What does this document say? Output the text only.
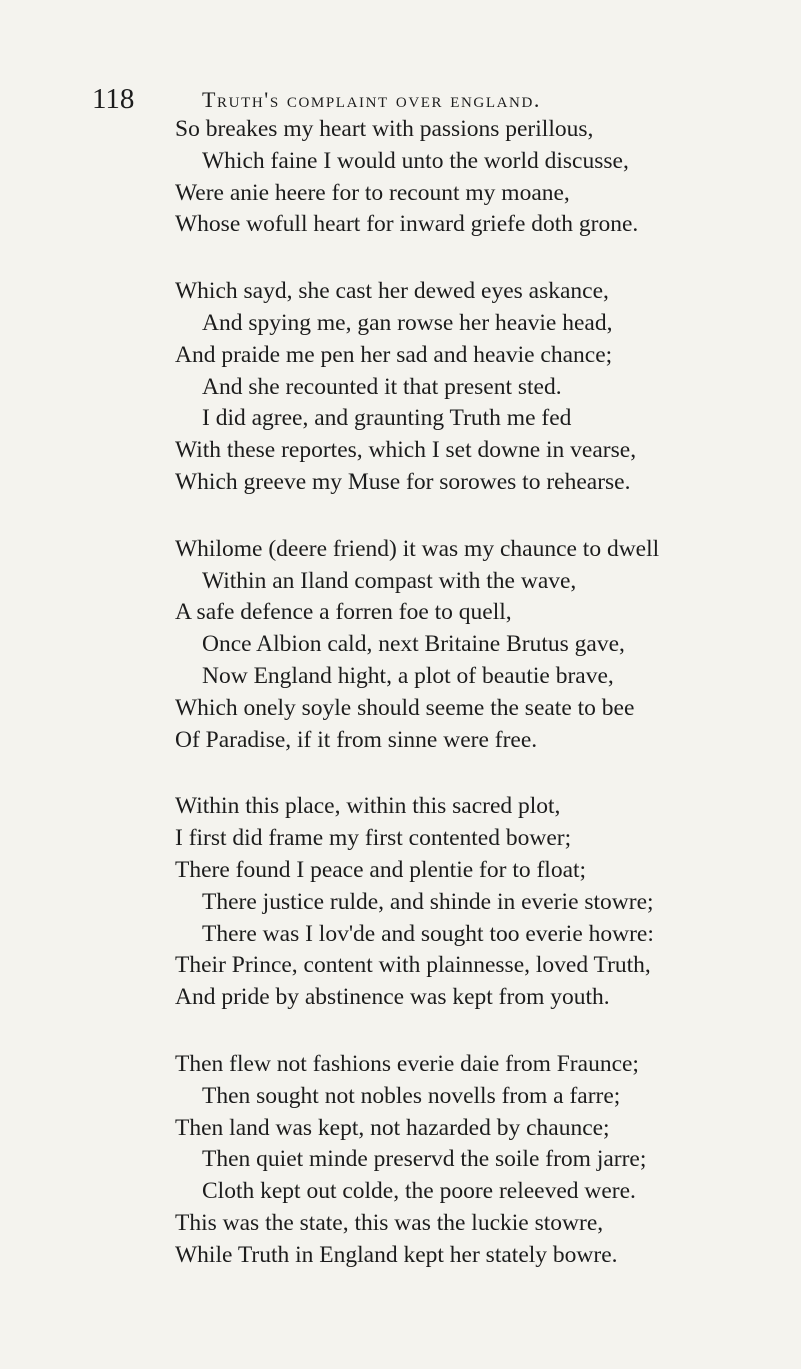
118	truth's complaint over england.
So breakes my heart with passions perillous,
Which faine I would unto the world discusse,
Were anie heere for to recount my moane,
Whose wofull heart for inward griefe doth grone.
Which sayd, she cast her dewed eyes askance,
And spying me, gan rowse her heavie head,
And praide me pen her sad and heavie chance;
And she recounted it that present sted.
I did agree, and graunting Truth me fed
With these reportes, which I set downe in vearse,
Which greeve my Muse for sorowes to rehearse.
Whilome (deere friend) it was my chaunce to dwell
Within an Iland compast with the wave,
A safe defence a forren foe to quell,
Once Albion cald, next Britaine Brutus gave,
Now England hight, a plot of beautie brave,
Which onely soyle should seeme the seate to bee
Of Paradise, if it from sinne were free.
Within this place, within this sacred plot,
I first did frame my first contented bower;
There found I peace and plentie for to float;
There justice rulde, and shinde in everie stowre;
There was I lov'de and sought too everie howre:
Their Prince, content with plainnesse, loved Truth,
And pride by abstinence was kept from youth.
Then flew not fashions everie daie from Fraunce;
Then sought not nobles novells from a farre;
Then land was kept, not hazarded by chaunce;
Then quiet minde preservd the soile from jarre;
Cloth kept out colde, the poore releeved were.
This was the state, this was the luckie stowre,
While Truth in England kept her stately bowre.
